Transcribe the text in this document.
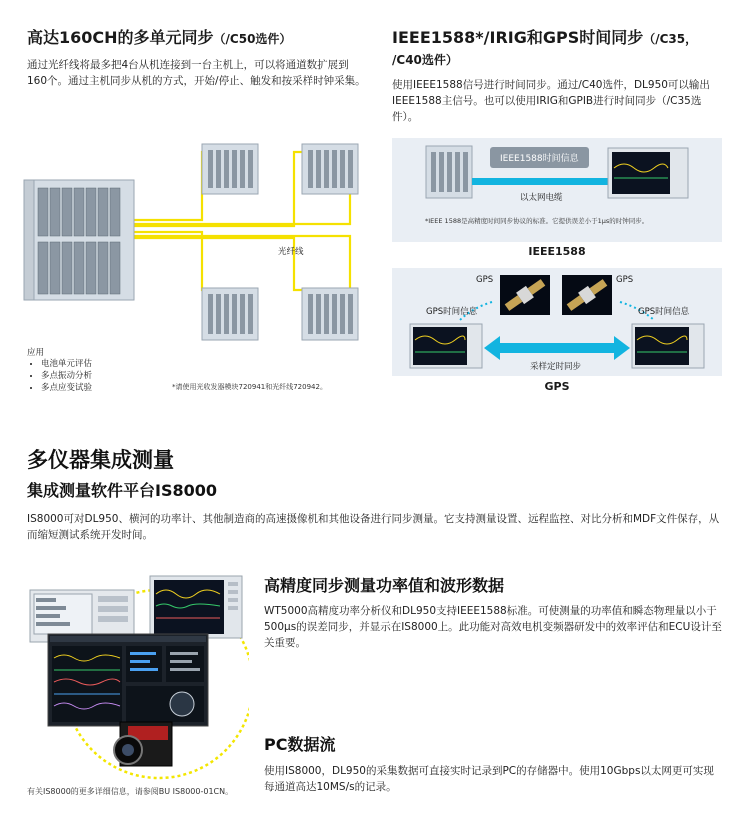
高达160CH的多单元同步（/C50选件）
通过光纤线将最多把4台从机连接到一台主机上，可以将通道数扩展到160个。通过主机同步从机的方式，开始/停止、触发和按采样时钟采集。
光纤线
应用
• 电池单元评估
• 多点振动分析
• 多点应变试验	*请使用光收发器模块720941和光纤线720942。
IEEE1588*/IRIG和GPS时间同步（/C35，
/C40选件）
使用IEEE1588信号进行时间同步。通过/C40选件，DL950可以输出IEEE1588主信号。也可以使用IRIG和GPIB进行时间同步（/C35选件）。
IEEE1588时间信息
以太网电缆
*IEEE 1588是高精度时间同步协议的标准。它提供误差小于1μs的时钟同步。
IEEE1588
GPS	GPS
GPS时间信息	GPS时间信息
采样定时同步
GPS
多仪器集成测量
集成测量软件平台IS8000
IS8000可对DL950、横河的功率计、其他制造商的高速摄像机和其他设备进行同步测量。它支持测量设置、远程监控、对比分析和MDF文件保存，从而缩短测试系统开发时间。
有关IS8000的更多详细信息，请参阅BU IS8000-01CN。
高精度同步测量功率值和波形数据
WT5000高精度功率分析仪和DL950支持IEEE1588标准。可使测量的功率值和瞬态物理量以小于500μs的误差同步，并显示在IS8000上。此功能对高效电机变频器研发中的效率评估和ECU设计至关重要。
PC数据流
使用IS8000，DL950的采集数据可直接实时记录到PC的存储器中。使用10Gbps以太网更可实现每通道高达10MS/s的记录。
